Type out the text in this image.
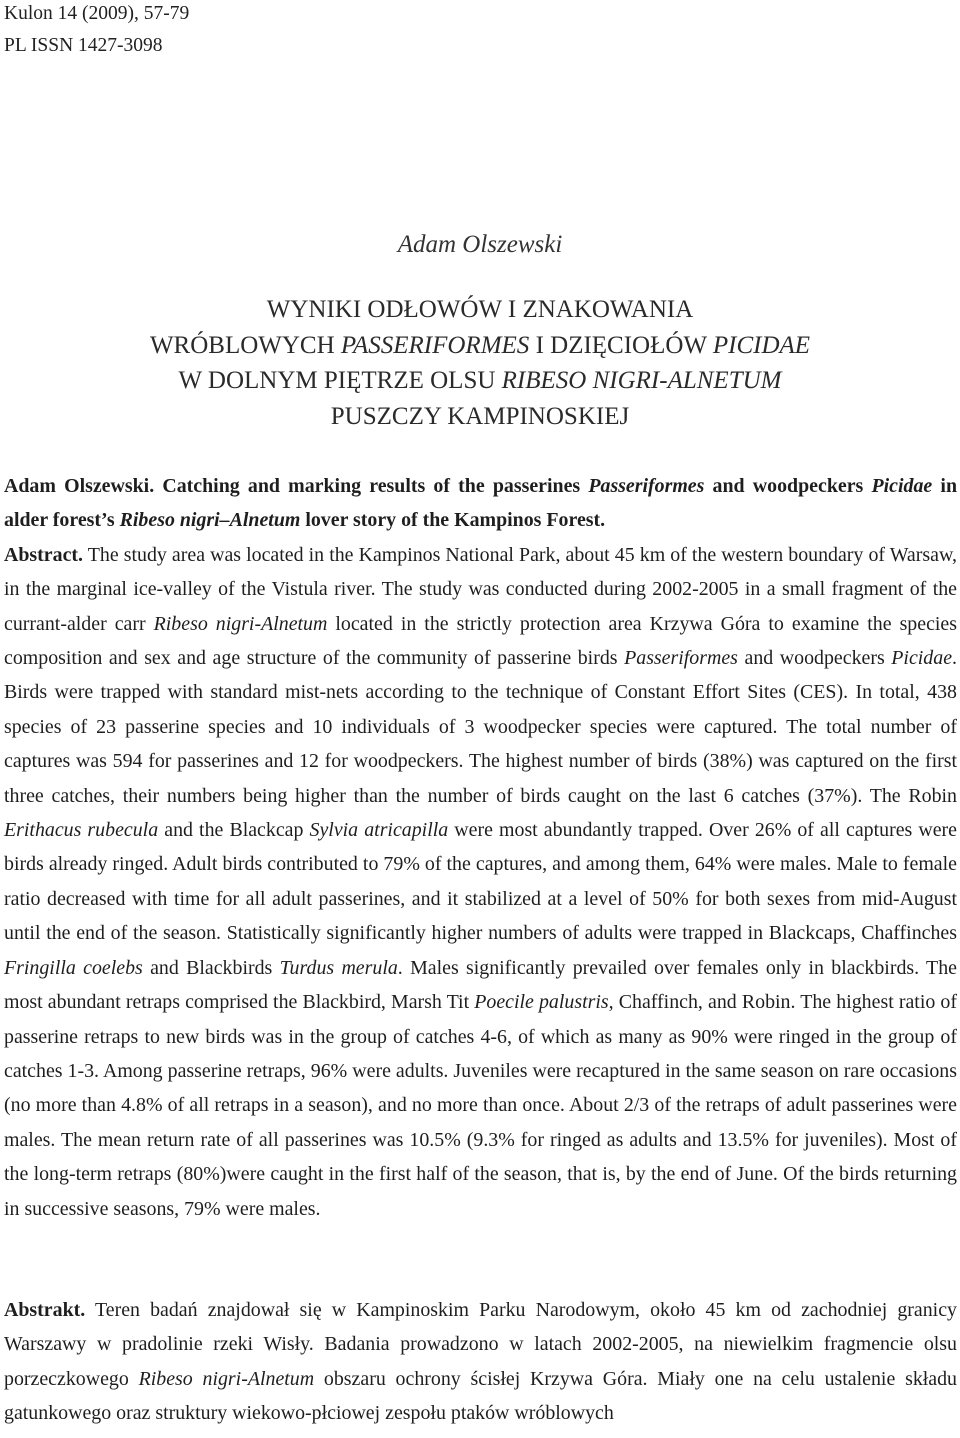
Kulon 14 (2009), 57-79
PL ISSN 1427-3098
Adam Olszewski
WYNIKI ODŁOWÓW I ZNAKOWANIA
WRÓBLOWYCH PASSERIFORMES I DZIĘCIOŁÓW PICIDAE
W DOLNYM PIĘTRZE OLSU RIBESO NIGRI-ALNETUM
PUSZCZY KAMPINOSKIEJ

Adam Olszewski. Catching and marking results of the passerines Passeriformes and woodpeckers Picidae in alder forest’s Ribeso nigri–Alnetum lover story of the Kampinos Forest.

Abstract. The study area was located in the Kampinos National Park, about 45 km of the western boundary of Warsaw, in the marginal ice-valley of the Vistula river. The study was conducted during 2002-2005 in a small fragment of the currant-alder carr Ribeso nigri-Alnetum located in the strictly protection area Krzywa Góra to examine the species composition and sex and age structure of the community of passerine birds Passeriformes and woodpeckers Picidae. Birds were trapped with standard mist-nets according to the technique of Constant Effort Sites (CES). In total, 438 species of 23 passerine species and 10 individuals of 3 woodpecker species were captured. The total number of captures was 594 for passerines and 12 for woodpeckers. The highest number of birds (38%) was captured on the first three catches, their numbers being higher than the number of birds caught on the last 6 catches (37%). The Robin Erithacus rubecula and the Blackcap Sylvia atricapilla were most abundantly trapped. Over 26% of all captures were birds already ringed. Adult birds contributed to 79% of the captures, and among them, 64% were males. Male to female ratio decreased with time for all adult passerines, and it stabilized at a level of 50% for both sexes from mid-August until the end of the season. Statistically significantly higher numbers of adults were trapped in Blackcaps, Chaffinches Fringilla coelebs and Blackbirds Turdus merula. Males significantly prevailed over females only in blackbirds. The most abundant retraps comprised the Blackbird, Marsh Tit Poecile palustris, Chaffinch, and Robin. The highest ratio of passerine retraps to new birds was in the group of catches 4-6, of which as many as 90% were ringed in the group of catches 1-3. Among passerine retraps, 96% were adults. Juveniles were recaptured in the same season on rare occasions (no more than 4.8% of all retraps in a season), and no more than once. About 2/3 of the retraps of adult passerines were males. The mean return rate of all passerines was 10.5% (9.3% for ringed as adults and 13.5% for juveniles). Most of the long-term retraps (80%)were caught in the first half of the season, that is, by the end of June. Of the birds returning in successive seasons, 79% were males.

Abstrakt. Teren badań znajdował się w Kampinoskim Parku Narodowym, około 45 km od zachodniej granicy Warszawy w pradolinie rzeki Wisły. Badania prowadzono w latach 2002-2005, na niewielkim fragmencie olsu porzeczkowego Ribeso nigri-Alnetum obszaru ochrony ścisłej Krzywa Góra. Miały one na celu ustalenie składu gatunkowego oraz struktury wiekowo-płciowej zespołu ptaków wróblowych
